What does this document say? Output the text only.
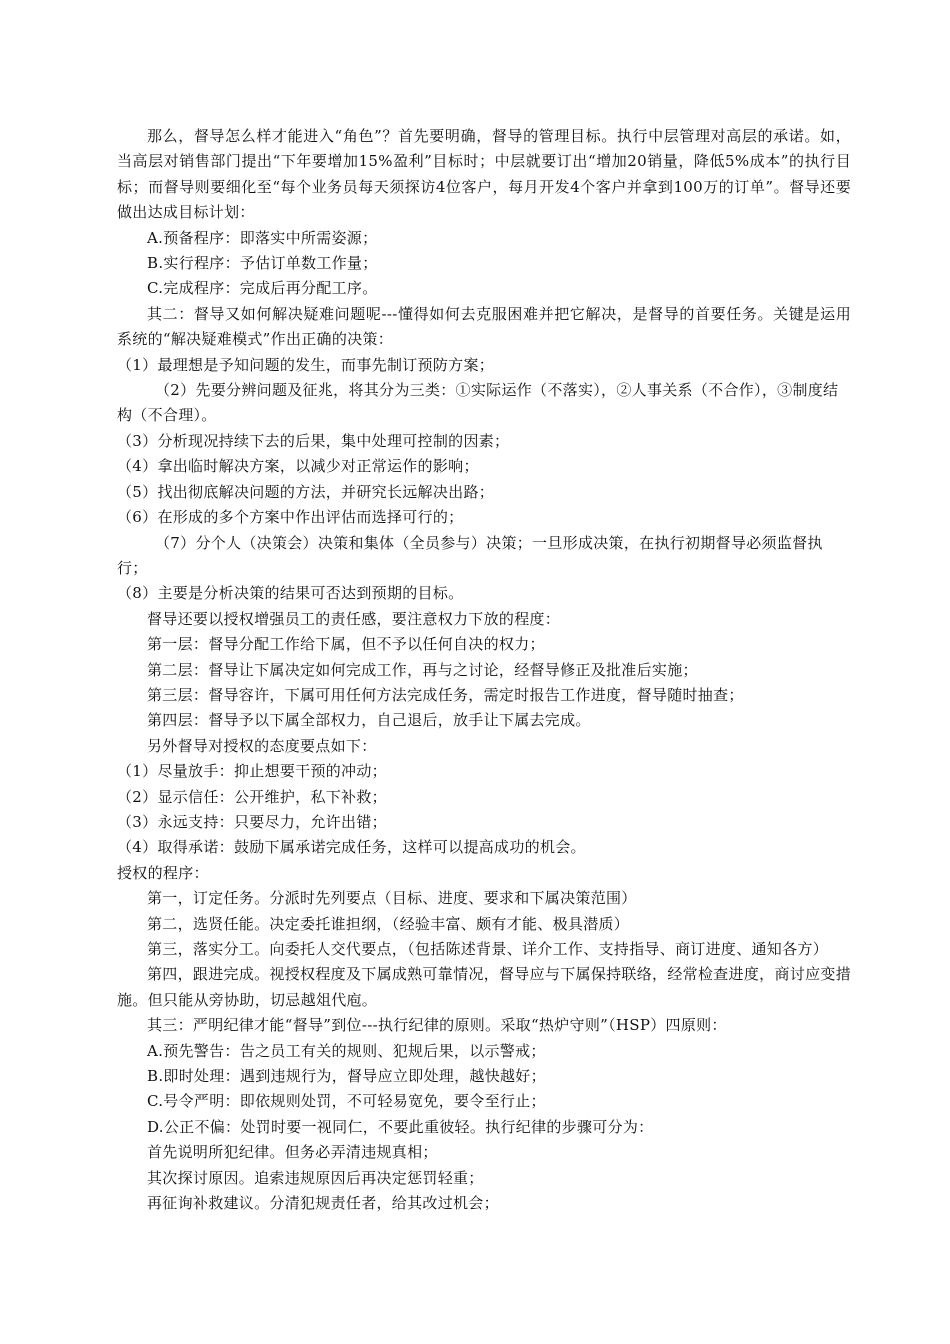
那么，督导怎么样才能进入“角色”？首先要明确，督导的管理目标。执行中层管理对高层的承诺。如，当高层对销售部门提出“下年要增加15%盈利”目标时；中层就要订出“增加20销量，降低5%成本”的执行目标；而督导则要细化至“每个业务员每天须探访4位客户，每月开发4个客户并拿到100万的订单”。督导还要做出达成目标计划：

A.预备程序：即落实中所需姿源；

B.实行程序：予估订单数工作量；

C.完成程序：完成后再分配工序。

其二：督导又如何解决疑难问题呢---懂得如何去克服困难并把它解决，是督导的首要任务。关键是运用系统的“解决疑难模式”作出正确的决策：

（1）最理想是予知问题的发生，而事先制订预防方案；

（2）先要分辨问题及征兆，将其分为三类：①实际运作（不落实），②人事关系（不合作），③制度结构（不合理）。

（3）分析现况持续下去的后果，集中处理可控制的因素；

（4）拿出临时解决方案，以减少对正常运作的影响；

（5）找出彻底解决问题的方法，并研究长远解决出路；

（6）在形成的多个方案中作出评估而选择可行的；

（7）分个人（决策会）决策和集体（全员参与）决策；一旦形成决策，在执行初期督导必须监督执行；

（8）主要是分析决策的结果可否达到预期的目标。

督导还要以授权增强员工的责任感，要注意权力下放的程度：

第一层：督导分配工作给下属，但不予以任何自决的权力；

第二层：督导让下属决定如何完成工作，再与之讨论，经督导修正及批准后实施；

第三层：督导容许，下属可用任何方法完成任务，需定时报告工作进度，督导随时抽查；

第四层：督导予以下属全部权力，自己退后，放手让下属去完成。

另外督导对授权的态度要点如下：

（1）尽量放手：抑止想要干预的冲动；

（2）显示信任：公开维护，私下补救；

（3）永远支持：只要尽力，允许出错；

（4）取得承诺：鼓励下属承诺完成任务，这样可以提高成功的机会。

授权的程序：

第一，订定任务。分派时先列要点（目标、进度、要求和下属决策范围）

第二，选贤任能。决定委托谁担纲，（经验丰富、颇有才能、极具潜质）

第三，落实分工。向委托人交代要点，（包括陈述背景、详介工作、支持指导、商订进度、通知各方）

第四，跟进完成。视授权程度及下属成熟可靠情况，督导应与下属保持联络，经常检查进度，商讨应变措施。但只能从旁协助，切忌越俎代庖。

其三：严明纪律才能“督导”到位---执行纪律的原则。采取“热炉守则”（HSP）四原则：

A.预先警告：告之员工有关的规则、犯规后果，以示警戒；

B.即时处理：遇到违规行为，督导应立即处理，越快越好；

C.号令严明：即依规则处罚，不可轻易宽免，要令至行止；

D.公正不偏：处罚时要一视同仁，不要此重彼轻。执行纪律的步骤可分为：

首先说明所犯纪律。但务必弄清违规真相；

其次探讨原因。追索违规原因后再决定惩罚轻重；

再征询补救建议。分清犯规责任者，给其改过机会；
